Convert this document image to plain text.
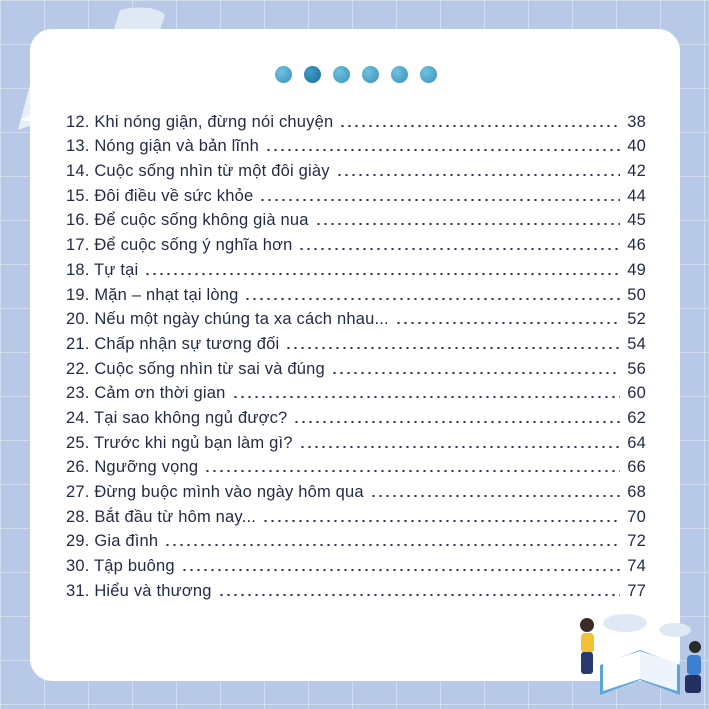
12. Khi nóng giận, đừng nói chuyện	38
13. Nóng giận và bản lĩnh	40
14. Cuộc sống nhìn từ một đôi giày	42
15. Đôi điều về sức khỏe	44
16. Để cuộc sống không già nua	45
17. Để cuộc sống ý nghĩa hơn	46
18. Tự tại	49
19. Mặn – nhạt tại lòng	50
20. Nếu một ngày chúng ta xa cách nhau...	52
21. Chấp nhận sự tương đối	54
22. Cuộc sống nhìn từ sai và đúng	56
23. Cảm ơn thời gian	60
24. Tại sao không ngủ được?	62
25. Trước khi ngủ bạn làm gì?	64
26. Ngưỡng vọng	66
27. Đừng buộc mình vào ngày hôm qua	68
28. Bắt đầu từ hôm nay...	70
29. Gia đình	72
30. Tập buông	74
31. Hiểu và thương	77
